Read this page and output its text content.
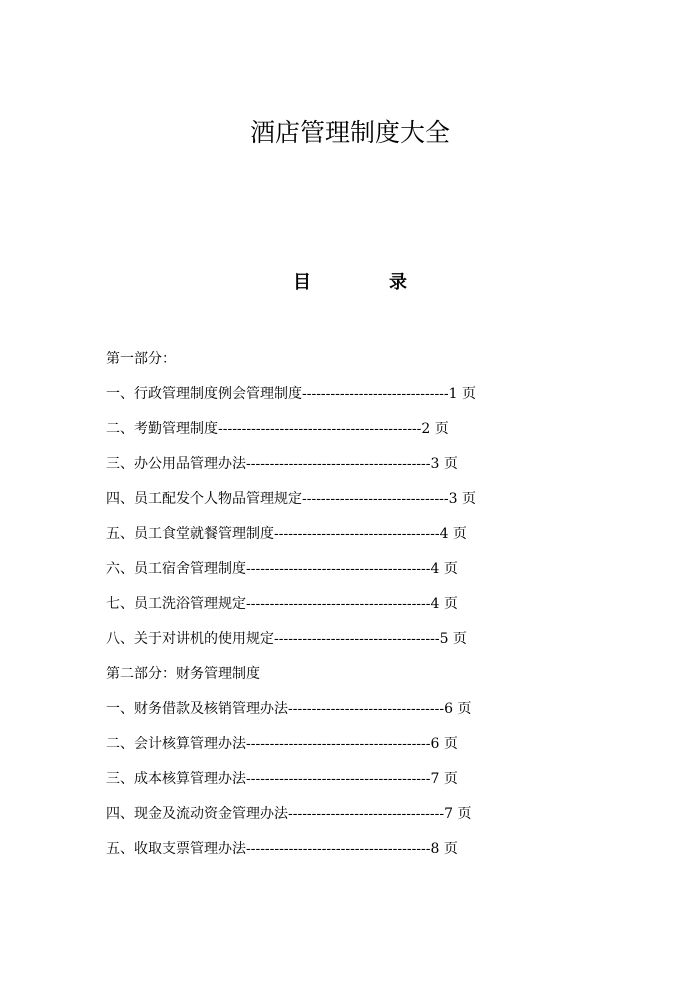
酒店管理制度大全
目	录
第一部分：
一、行政管理制度例会管理制度-------------------------------1 页
二、考勤管理制度-------------------------------------------2 页
三、办公用品管理办法---------------------------------------3 页
四、员工配发个人物品管理规定-------------------------------3 页
五、员工食堂就餐管理制度-----------------------------------4 页
六、员工宿舍管理制度---------------------------------------4 页
七、员工洗浴管理规定---------------------------------------4 页
八、关于对讲机的使用规定-----------------------------------5 页
第二部分：财务管理制度
一、财务借款及核销管理办法---------------------------------6 页
二、会计核算管理办法---------------------------------------6 页
三、成本核算管理办法---------------------------------------7 页
四、现金及流动资金管理办法---------------------------------7 页
五、收取支票管理办法---------------------------------------8 页
